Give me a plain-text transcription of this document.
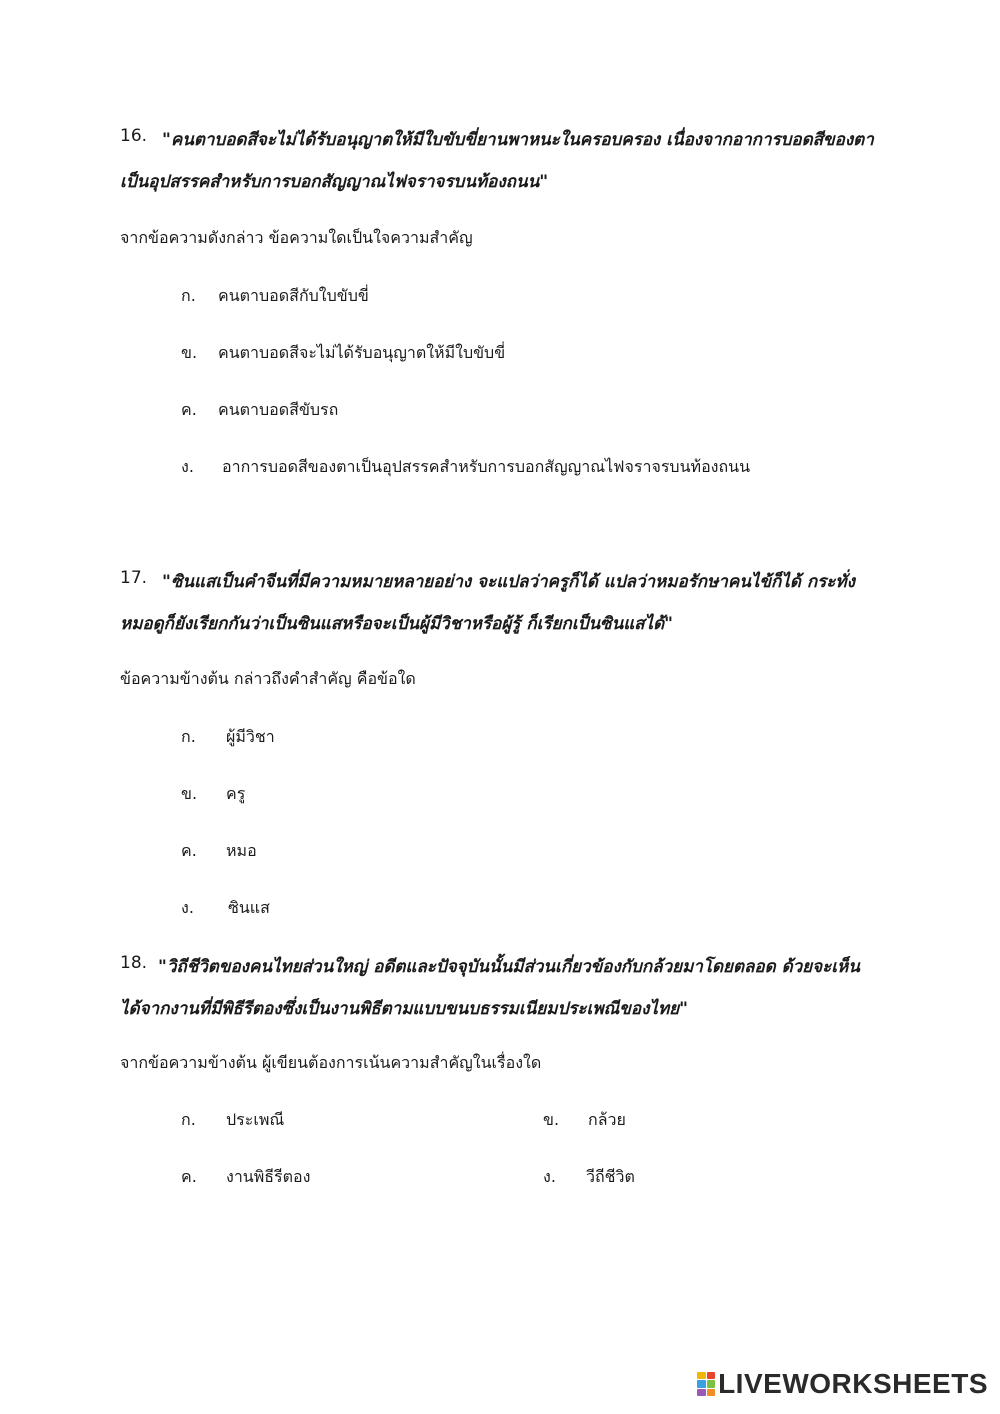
16. "คนตาบอดสีจะไม่ได้รับอนุญาตให้มีใบขับขี่ยานพาหนะในครอบครอง เนื่องจากอาการบอดสีของตา
เป็นอุปสรรคสำหรับการบอกสัญญาณไฟจราจรบนท้องถนน"
จากข้อความดังกล่าว ข้อความใดเป็นใจความสำคัญ
ก. คนตาบอดสีกับใบขับขี่
ข. คนตาบอดสีจะไม่ได้รับอนุญาตให้มีใบขับขี่
ค. คนตาบอดสีขับรถ
ง. อาการบอดสีของตาเป็นอุปสรรคสำหรับการบอกสัญญาณไฟจราจรบนท้องถนน
17. "ซินแสเป็นคำจีนที่มีความหมายหลายอย่าง จะแปลว่าครูก็ได้ แปลว่าหมอรักษาคนไข้ก็ได้ กระทั่ง
หมอดูก็ยังเรียกกันว่าเป็นซินแสหรือจะเป็นผู้มีวิชาหรือผู้รู้ ก็เรียกเป็นซินแสได้"
ข้อความข้างต้น กล่าวถึงคำสำคัญ คือข้อใด
ก. ผู้มีวิชา
ข. ครู
ค. หมอ
ง. ซินแส
18. "วิถีชีวิตของคนไทยส่วนใหญ่ อดีตและปัจจุบันนั้นมีส่วนเกี่ยวข้องกับกล้วยมาโดยตลอด ด้วยจะเห็น
ได้จากงานที่มีพิธีรีตองซึ่งเป็นงานพิธีตามแบบขนบธรรมเนียมประเพณีของไทย"
จากข้อความข้างต้น ผู้เขียนต้องการเน้นความสำคัญในเรื่องใด
ก. ประเพณี	ข. กล้วย
ค. งานพิธีรีตอง	ง. วีถีชีวิต
LIVEWORKSHEETS
